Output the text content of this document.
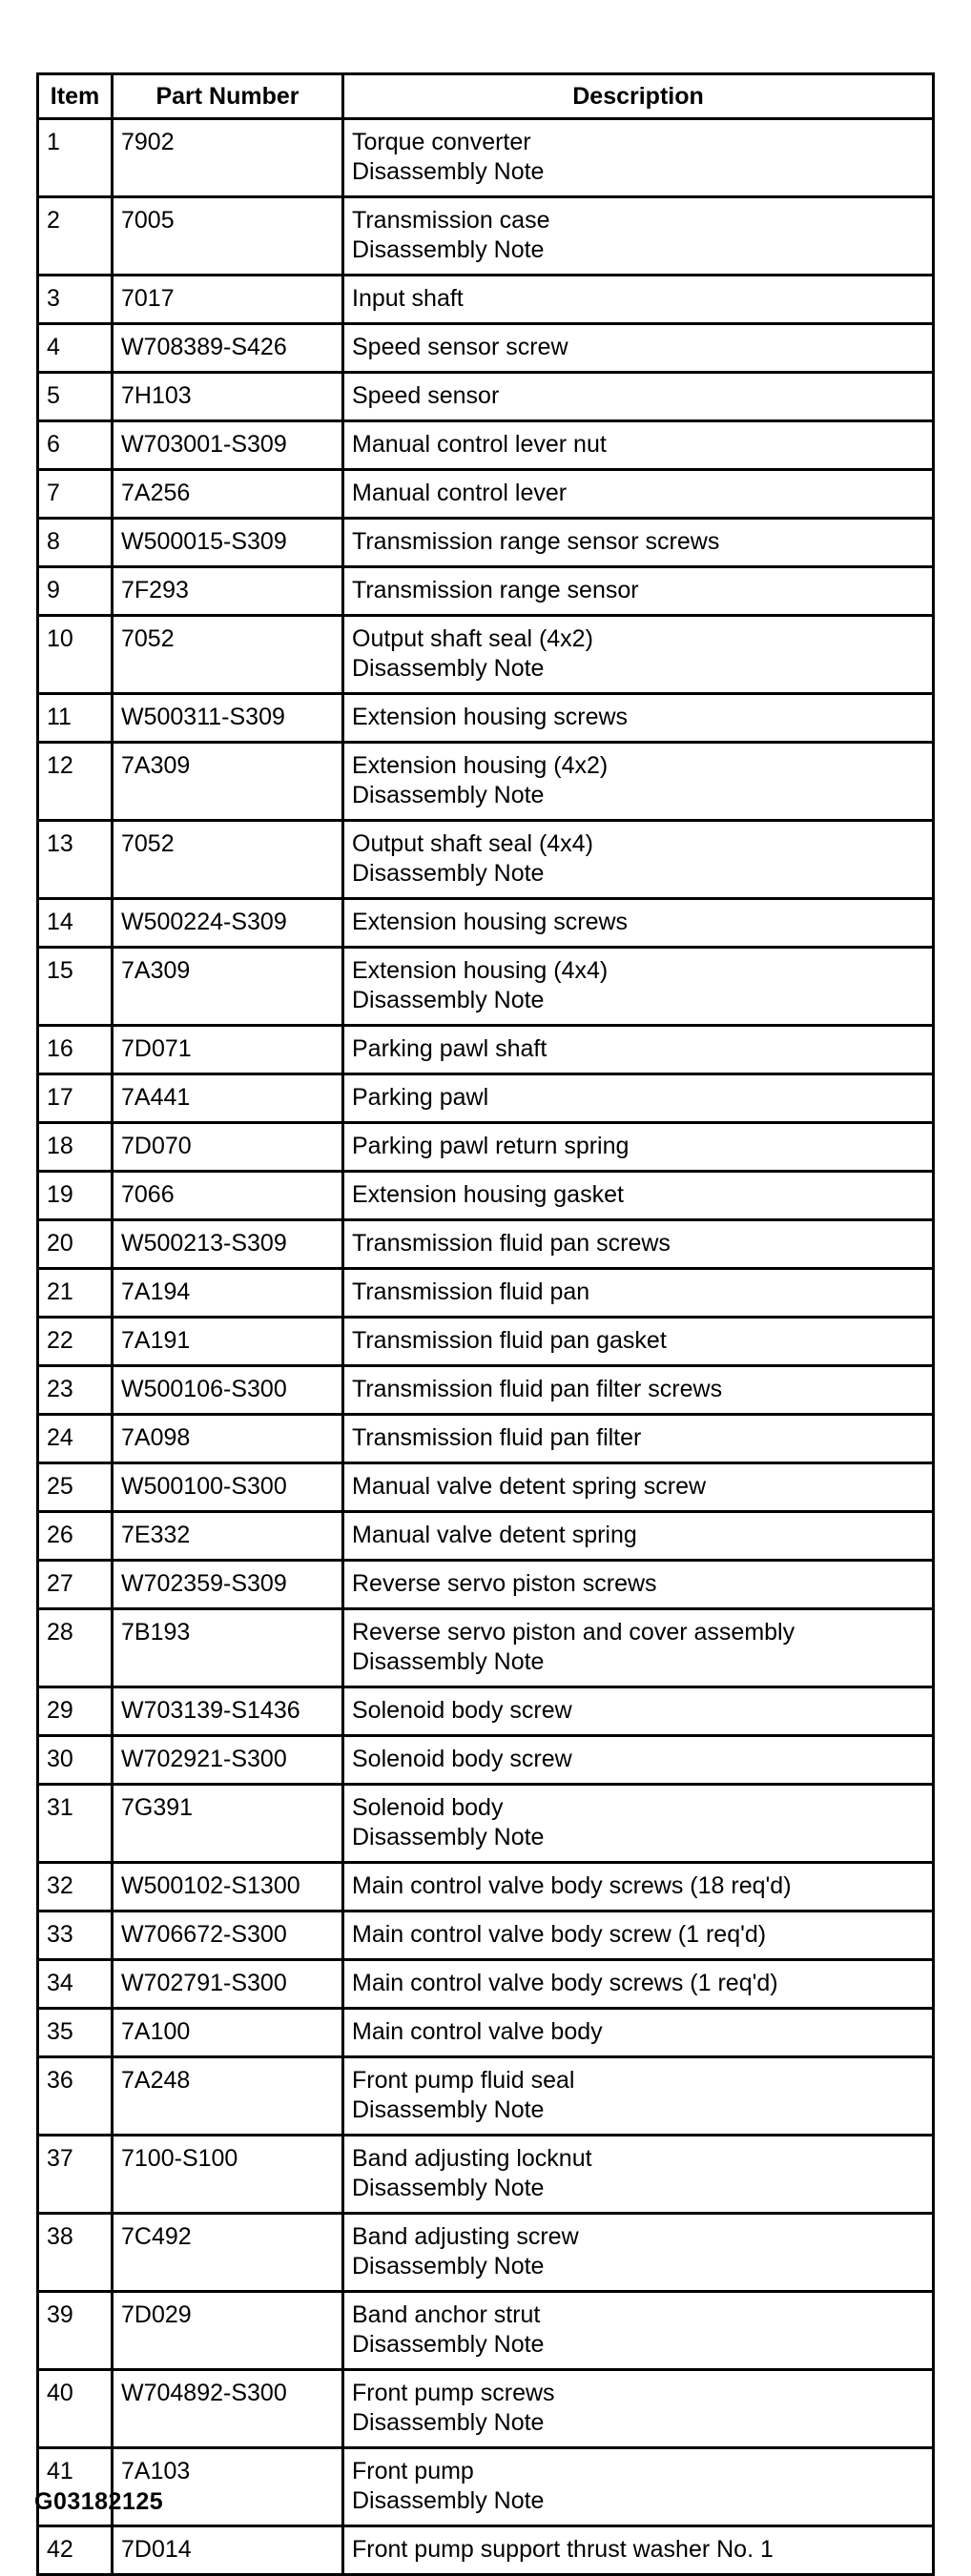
Item	Part Number	Description
1	7902	Torque converter
Disassembly Note

2	7005	Transmission case
Disassembly Note

3	7017	Input shaft

4	W708389-S426	Speed sensor screw

5	7H103	Speed sensor

6	W703001-S309	Manual control lever nut

7	7A256	Manual control lever

8	W500015-S309	Transmission range sensor screws

9	7F293	Transmission range sensor

10	7052	Output shaft seal (4x2)
Disassembly Note

11	W500311-S309	Extension housing screws

12	7A309	Extension housing (4x2)
Disassembly Note

13	7052	Output shaft seal (4x4)
Disassembly Note

14	W500224-S309	Extension housing screws

15	7A309	Extension housing (4x4)
Disassembly Note

16	7D071	Parking pawl shaft

17	7A441	Parking pawl

18	7D070	Parking pawl return spring

19	7066	Extension housing gasket

20	W500213-S309	Transmission fluid pan screws

21	7A194	Transmission fluid pan

22	7A191	Transmission fluid pan gasket

23	W500106-S300	Transmission fluid pan filter screws

24	7A098	Transmission fluid pan filter

25	W500100-S300	Manual valve detent spring screw

26	7E332	Manual valve detent spring

27	W702359-S309	Reverse servo piston screws

28	7B193	Reverse servo piston and cover assembly
Disassembly Note

29	W703139-S1436	Solenoid body screw

30	W702921-S300	Solenoid body screw

31	7G391	Solenoid body
Disassembly Note

32	W500102-S1300	Main control valve body screws (18 req'd)

33	W706672-S300	Main control valve body screw (1 req'd)

34	W702791-S300	Main control valve body screws (1 req'd)

35	7A100	Main control valve body

36	7A248	Front pump fluid seal
Disassembly Note

37	7100-S100	Band adjusting locknut
Disassembly Note

38	7C492	Band adjusting screw
Disassembly Note

39	7D029	Band anchor strut
Disassembly Note

40	W704892-S300	Front pump screws
Disassembly Note

41	7A103	Front pump
Disassembly Note

42	7D014	Front pump support thrust washer No. 1
G03182125
